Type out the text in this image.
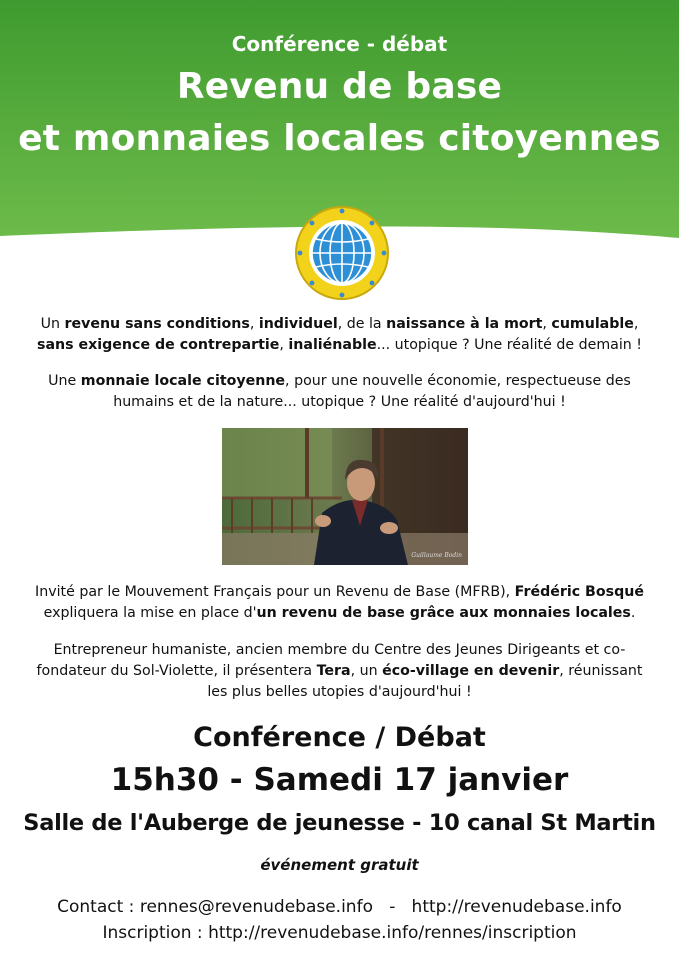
Conférence - débat
Revenu de base
et monnaies locales citoyennes
Un revenu sans conditions, individuel, de la naissance à la mort, cumulable, sans exigence de contrepartie, inaliénable... utopique ? Une réalité de demain !
Une monnaie locale citoyenne, pour une nouvelle économie, respectueuse des humains et de la nature... utopique ? Une réalité d'aujourd'hui !
Guillaume Bodin
Invité par le Mouvement Français pour un Revenu de Base (MFRB), Frédéric Bosqué expliquera la mise en place d'un revenu de base grâce aux monnaies locales.
Entrepreneur humaniste, ancien membre du Centre des Jeunes Dirigeants et co-fondateur du Sol-Violette, il présentera Tera, un éco-village en devenir, réunissant les plus belles utopies d'aujourd'hui !
Conférence / Débat
15h30 - Samedi 17 janvier
Salle de l'Auberge de jeunesse - 10 canal St Martin
événement gratuit
Contact : rennes@revenudebase.info   -   http://revenudebase.info
Inscription : http://revenudebase.info/rennes/inscription
